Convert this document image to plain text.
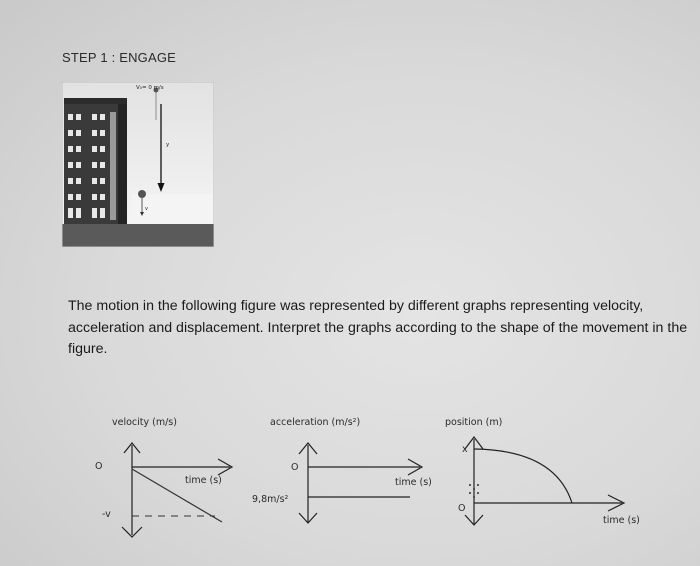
STEP 1 : ENGAGE
V₀= 0 m/s
y
v

The motion in the following figure was represented by different graphs representing velocity, acceleration and displacement. Interpret the graphs according to the shape of the movement in the figure.

velocity (m/s)
O
time (s)
-v
acceleration (m/s²)
O
time (s)
9,8m/s²
position (m)
x
O
time (s)
